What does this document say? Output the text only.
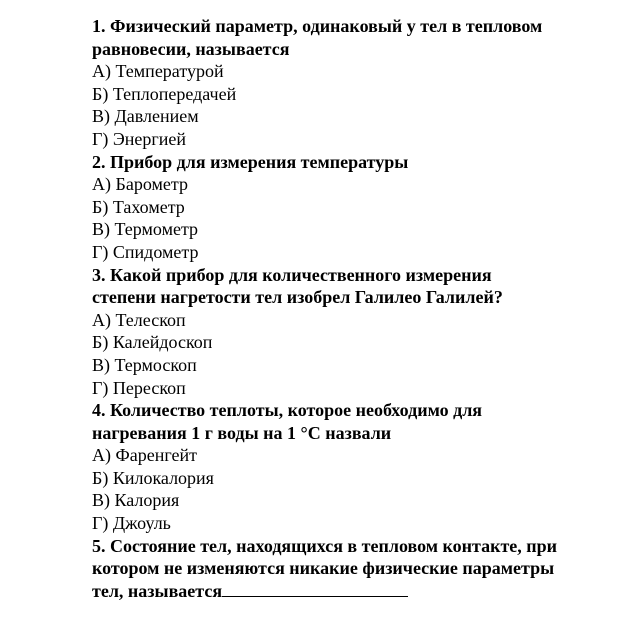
1. Физический параметр, одинаковый у тел в тепловом
равновесии, называется
А) Температурой
Б) Теплопередачей
В) Давлением
Г) Энергией
2. Прибор для измерения температуры
А) Барометр
Б) Тахометр
В) Термометр
Г) Спидометр
3. Какой прибор для количественного измерения
степени нагретости тел изобрел Галилео Галилей?
А) Телескоп
Б) Калейдоскоп
В) Термоскоп
Г) Перескоп
4. Количество теплоты, которое необходимо для
нагревания 1 г воды на 1 °С назвали
А) Фаренгейт
Б) Килокалория
В) Калория
Г) Джоуль
5. Состояние тел, находящихся в тепловом контакте, при
котором не изменяются никакие физические параметры
тел, называется
